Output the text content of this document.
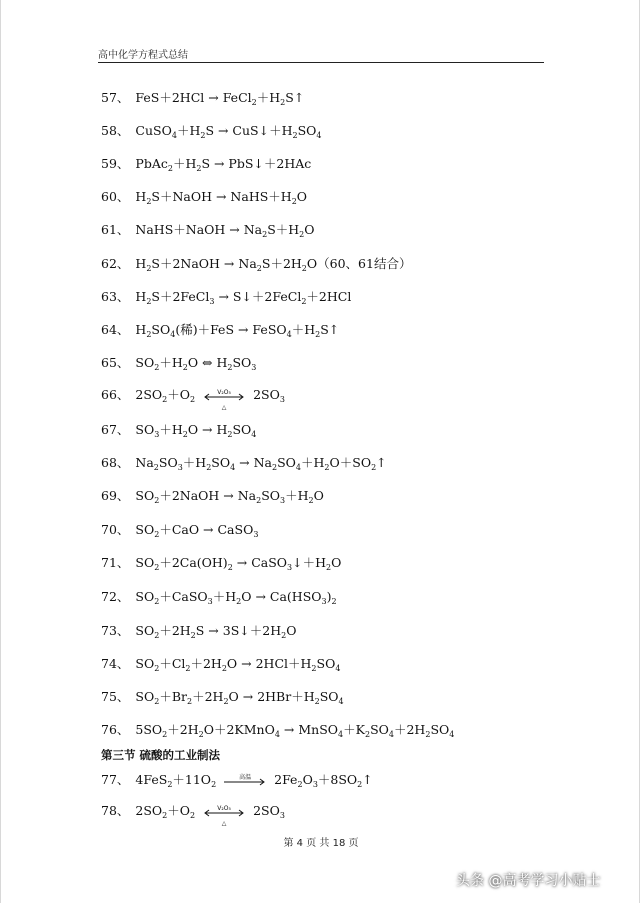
高中化学方程式总结
57、 $FeS+2HCl \to FeCl_2+H_2S↑$
58、 $CuSO_4+H_2S$ → $CuS↓+H_2SO_4$
59、 $PbAc_2+H_2S$ → PbS↓＋2HAc
60、 $H_2S+NaOH$ → $NaHS+H_2O$
61、 NaHS＋NaOH → $Na_2S+H_2O$
62、 $H_2S+2NaOH \to Na_2S+2H_2O(60$、61结合）
63、 $H_2S+2FeCl_3$ → S↓＋2FeCl$_2$＋2HCl
64、 $H_2SO_4$(稀)$+FeS \to FeSO_4+H_2S↑$
65、 $SO_2+H_2O$ ⇔ $H_2SO_3$
66、 $2SO_2+O_2$
V₂O₅
△
$2SO_3$
67、 $SO_3+H_2O \to H_2SO_4$
68、 $Na_2SO_3+H_2SO_4$ → $Na_2SO_4+H_2O+SO_2↑$
69、 $SO_2+2NaOH \to Na_2SO_3+H_2O$
70、 $SO_2+CaO$ → CaSO$_3$
71、 $SO_2+2Ca(OH)_2$ → $CaSO_3↓+H_2O$
72、 $SO_2+CaSO_3+H_2O \to Ca(HSO_3)_2$
73、 $SO_2+2H_2S$ → $3S↓+2H_2O$
74、 $SO_2+Cl_2+2H_2O \to 2HCl+H_2SO_4$
75、 $SO_2+Br_2+2H_2O \to 2HBr+H_2SO_4$
76、 $5SO_2+2H_2O+2KMnO_4$ → $MnSO_4+K_2SO_4+2H_2SO_4$
第三节 硫酸的工业制法
77、 $4FeS_2+11O_2$
高温	$2Fe_2O_3+8SO_2↑$
78、 $2SO_2+O_2$
V₂O₅
△
$2SO_3$
第 4 页 共 18 页
头条 @高考学习小贴士
